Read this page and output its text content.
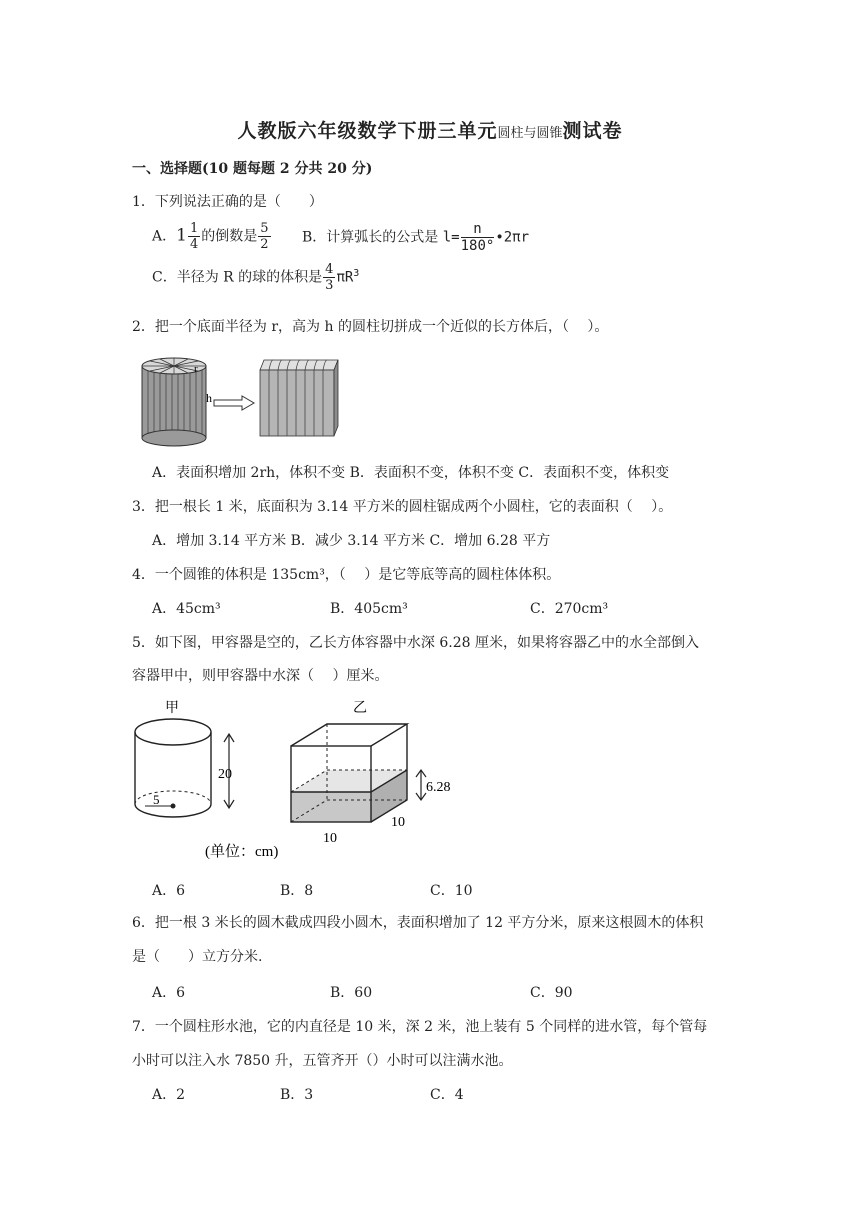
人教版六年级数学下册三单元圆柱与圆锥测试卷
一、选择题(10 题每题 2 分共 20 分)
1．下列说法正确的是（　　）
A．$1 \frac{1}{4}$ 的倒数是 $\frac{5}{2}$ B．计算弧长的公式是 $l= \frac{n}{180^\circ}$ •2πr
C．半径为 R 的球的体积是 $\frac{4}{3} \pi R^3$
2．把一个底面半径为 r，高为 h 的圆柱切拼成一个近似的长方体后，（　 ）。
r
h
A．表面积增加 2rh，体积不变 B．表面积不变，体积不变 C．表面积不变，体积变
3．把一根长 1 米，底面积为 3.14 平方米的圆柱锯成两个小圆柱，它的表面积（　 ）。
A．增加 3.14 平方米 B．减少 3.14 平方米 C．增加 6.28 平方
4．一个圆锥的体积是 135cm³，（　 ）是它等底等高的圆柱体体积。
A．45cm³	B．405cm³	C．270cm³
5．如下图，甲容器是空的，乙长方体容器中水深 6.28 厘米，如果将容器乙中的水全部倒入
容器甲中，则甲容器中水深（　 ）厘米。
甲
5
20
乙
6.28
10
10
(单位：cm)
A．6	B．8	C．10
6．把一根 3 米长的圆木截成四段小圆木，表面积增加了 12 平方分米，原来这根圆木的体积
是（　　）立方分米.
A．6	B．60	C．90
7．一个圆柱形水池，它的内直径是 10 米，深 2 米，池上装有 5 个同样的进水管，每个管每
小时可以注入水 7850 升，五管齐开（）小时可以注满水池。
A．2	B．3	C．4
